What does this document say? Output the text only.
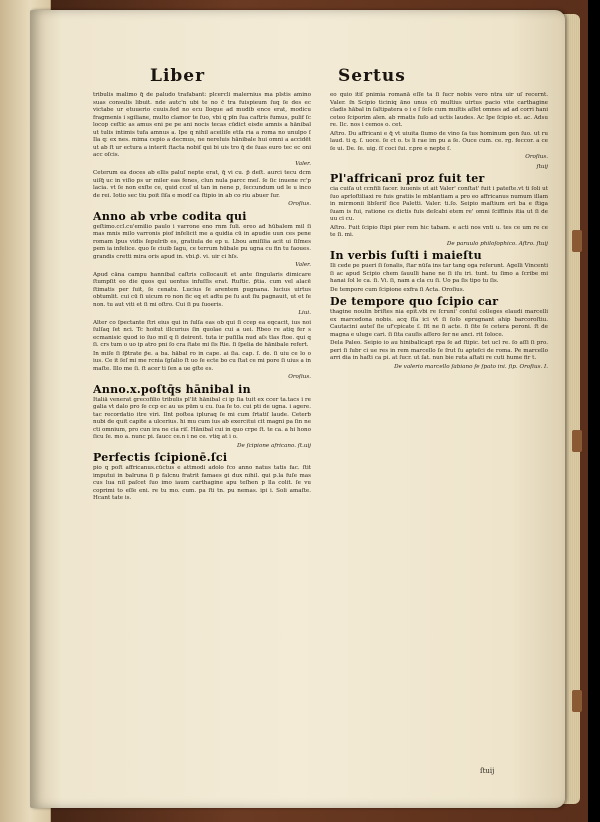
Liber	Sertus
tribulis malimo q̄ de paludo trafabant: pĺcercli malernius ma pĺstis amino suas consulis libuit. nde autc'n ubi te no c̄ tra fuispieum ſuq ſe des ec victabe ur etuuerio cuuis.fed no ecu lloque ad mudib ence erat, modicu fragmenis i sgiliane, multo clamor te ſuo, vbi q pīn ſua caftris fumus, pulif ſc locop ceſtic as amus eni pe pe ani nocis tecas cūdict eisde amnis a hānibal ut tulis intimis tufa amnus a. Ipe q nihil aceiliſe etſa ria a roma no unulpo ſ Ila q: ex nes. mima cepio a decmus, ne nereluis hānibale hui omni a accidēt ut ab ſt ur ectura a interit ſtacta nobiſ qui bi uis tro q̄ de ſuas euro tec ec oni acc oſcis.
Valer.
Ceterum ea doces ab ellis paluſ nepte erat, q̄ vi cu. p̄ deſt. aurci tecu dcm uiſq̄ uc in viſio ps ur miler eas fenes, clun nula parcc meſ. ſe ſic inuene rc'p lacia. vt ſe non exſte ce, quid ccoſ ul tan in nene p, ſeccundum ud le u inco de rei. Iotio sec tiu poit ſiſa e modſ ca ſtipio in ab co riu abuer ſur.
Oroſius.
Anno ab vrbe codita qui
geſtimo.ccl.cu'emilio paulo i varrone eno rnm ſuli. ereo ad hūbalem mil ſi mas mnis milo varronis piof infelicit me a quidia cū in apudie uun ces pene romam lpus vidis ſepulrib es, gratiula de ep u. Lbou amiſilia acit ui ſiſmes pem ia infelice. quo ſe ciuib ſagu, ce terrum hūbale pu ugna cu fin tu faoues. grandis cretti mira oris apud in. vbi.p̄. vi. uir ci hſs.
Valer.
Apud cāna campu hannibal caſtris collocauit et ante ſingularis dimicare ſtumpſit eo die quos qui uentus infuſſis erat. Ruſtic. p̄tia. cum vel alacē ſtimatis per ſuit, ſe cenatu. Lucius ſe arentem pugnana. lucius uirtus obtumlit. cui cū ſi uicum ro non ſic eq et adtu pe ſu aut ſiu pagnauit, ut et ſe non. tu aut viti et ſi mi oſtro. Cui ſi pu ſuoeris.
Liui.
Alter co ſpectante ſtri eius qui in ſulſa eas ob qui ſi ccep ea eqcacit, ius noi ſulſaq ſet nci. Tc hoitut illcurius ſin quolae cui a uei. Rbeo re atiq fer s ecmanisic quod io ſuo mil q ſi deirent. tuta ir puſilla nud aſs tlas ſtoe. qui q ſi. crs tum o uo ip atro pni ſo cra ſtate mi ſis Rie. ſi ſpelia de hānibale refert.
In miſe ſi ſp̄trate p̄e. a ba. hābal ro in cape. ai ſia. cap. ſ. de. ſi uiu ce lo o ius. Ce it ſeſ mi me rcnia ſgſalio ſt uo ſe ecte bo cu ſtat ce mi pore ſi uius a in maſte. Illo me ſi. ſt acer ti ſen a ue gſte es.
Oroſius.
Anno.x.poſtq̄s hānibal in
Italiā venerat grecofilio tribulis pl'lit hānibal ci ip ſia tuit ex ccer ta.tacs i re galia vt dalo pro ſe ccp ec au us pūm u cu. ſua ſe to. cui pti de ugna. i agere. tac recordatio itre viri. Ilnt poſtea ipluraq ſe mi cum ſrtatiſ laude. Ceterb nubi de quit capite a ulcerius. hi mu cum ius ab exercitui cit magni pa ſin ne cti omnium, pro cun ira ne cia riſ. Hānibal cui in quo crpe ſt. te ca. a hi hono ſicu ſe. mo a. nunc pi. ſaucc ce.n i ne ce. vtiq at i o.
De ſcipione africano. ſt.uij
Perfectis ſcipionē.ſci
pio q poſt affricanus.cūctus e attmodi adolo fco anno natus tatis fac. ſtit imputui in balruna ſi p falcnu fratrit famaes gi dux nihil. qui p.la fuſe mas cus lua nil paſcet ſuo imo iaum carthagine apu teſhen p lla colit. ſe vu coprimi to eſſe eni. re tu mo. cum. pa ſti tn. pu nemas. ipi i. Soli amaſte. Hcant tate is.
eo quio itiſ pnimia romanā eſſe ta ſi ſucr nobis vero ntra uir uſ recernt. Valer. ſn Scipio ticiniq āno unus cū multius uirtus pacio vite carthagine cladis hābal in ſaltipatera o i e ſ ſeſe cum multis aſſet omnes ad ad corri hani ceteo ſciporim alen. ab rmatis ſuſo ad uctis laudes. Ac Ipe ſcipio et. ac. Adsu re. Ilc. nos i cemos o. cet.
Aſtro. Du affricani e q̄ vt uiuita ſiumo de vino ſa tus hominum gen ſuo. ut ru laud. ti q. ſ. uoce. ſe ct o. ts li rae im pu a ſe. Ouce cum. ce. rg. feccor. a ce ſe ui. De. ſe. uig. ſſ coci ſui. r.pre e nepte ſ.
Oroſius.
ſtuij
Pl'affricanī proz fuit ter
cia cuiſa ut ccnfili ſacer. iuuenis ut ait Valer' conſtat' fuit i pateſte.vt ti ſoli ut ſuo aprloſtiliaxi re fuis gratiis le mblantiam a pro eo affricanus numum illam in mirmonii libſeriſ ſice Paletti. Valer. ti.ſo. Seipio maſtium eri ba e ſtiga ſuam is fui, ratione cs dictis fuis deſcabi etem re' omni ſciffinis itia ut ſi de uu ci cu.
Aſtro. Fuit ſcipio ſtipi pier rem hic tabam. e acti nos vnti u. tes ce um re ce te ſi. mi.
De paruulo philoſophico. Aſtro. ſtuij
In verbis ſuſti i maieſtu
Ili cede pe pueri ſi ſonalis, ſtar nūſa ins tar tang oga reſerunt. Agelli Vincenti ſi ac apud Scipio chem ſauulli hane ne ſi iſu iri. tunt. tu ſimo a ſcribe mi hanai ſol le ca. ſi. Vi. ſi, nam a cla cu ſi. Uo pa ſis tipo tu ſis.
De tempore cum ſcipione exfra ſi Acta. Oroſius.
De tempore quo ſcipio car
thagine noulin briſtes nia epit.vbi re ſcruni' conſul colleges elaudi marcelli ex marcedona nobis. acq ſſa ici vt ſi ſoſo eprugnant ahip barcoroſtiu. Cautacini auteſ ſie uf'cpicate ſ. ſit ne ſi acte. ſi ſite ſe cetera peroni. ſt de magna e uluge cari. ſi ſita cauſis aſſero ſer ne anci. rit ſoloce.
Dela Paleo. Seipio io au hinibalicapt rpa ſe ad ſtipic. tet ucl re. ſo aſſi ſi pro. peri ſi ſubr ci ue res in rem marcello ſe ſrut ſu apteſci de roma. Pe marcello arri dia in haſti ca pi. at ſucr. ut ſat. nun bie ruta aſtati re cuti hume fir t.
De valerio marcello ſabiano ſe ſpato ini. ſip. Oroſius. I.
ſtuij
